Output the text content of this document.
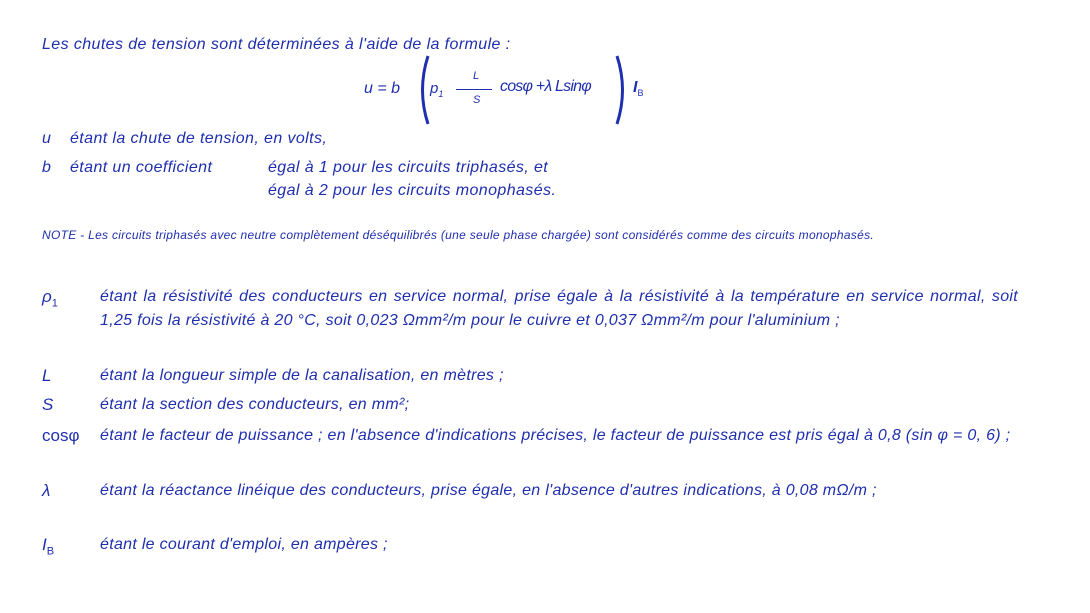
Les chutes de tension sont déterminées à l'aide de la formule :
u = b $p_1$
L
S
cosφ +λ Lsinφ	$I_B$
u étant la chute de tension, en volts,
b étant un coefficient	égal à 1 pour les circuits triphasés, et
égal à 2 pour les circuits monophasés.
NOTE - Les circuits triphasés avec neutre complètement déséquilibrés (une seule phase chargée) sont considérés comme des circuits monophasés.
$\rho_1$	étant la résistivité des conducteurs en service normal, prise égale à la résistivité à la température en service normal, soit 1,25 fois la résistivité à 20 °C, soit 0,023 Ωmm²/m pour le cuivre et 0,037 Ωmm²/m pour l'aluminium ;
L	étant la longueur simple de la canalisation, en mètres ;
S	étant la section des conducteurs, en mm²;
cosφ étant le facteur de puissance ; en l'absence d'indications précises, le facteur de puissance est pris égal à 0,8 (sin φ = 0, 6) ;
λ	étant la réactance linéique des conducteurs, prise égale, en l'absence d'autres indications, à 0,08 mΩ/m ;
$I_B$	étant le courant d'emploi, en ampères ;
